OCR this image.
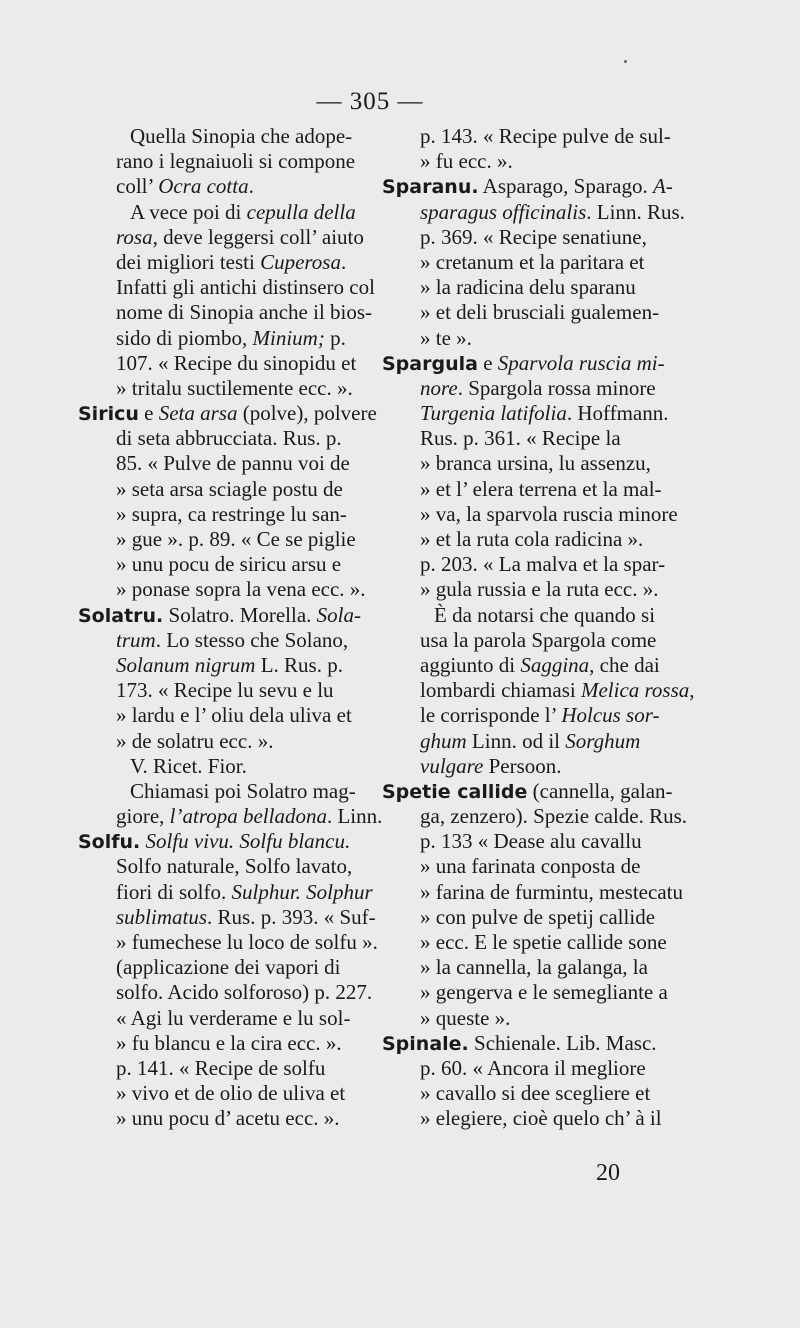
— 305 —
Quella Sinopia che adope-
rano i legnaiuoli si compone
coll’ Ocra cotta.
A vece poi di cepulla della
rosa, deve leggersi coll’ aiuto
dei migliori testi Cuperosa.
Infatti gli antichi distinsero col
nome di Sinopia anche il bios-
sido di piombo, Minium; p.
107. « Recipe du sinopidu et
» tritalu suctilemente ecc. ».
Siricu e Seta arsa (polve), polvere
di seta abbrucciata. Rus. p.
85. « Pulve de pannu voi de
» seta arsa sciagle postu de
» supra, ca restringe lu san-
» gue ». p. 89. « Ce se piglie
» unu pocu de siricu arsu e
» ponase sopra la vena ecc. ».
Solatru. Solatro. Morella. Sola-
trum. Lo stesso che Solano,
Solanum nigrum L. Rus. p.
173. « Recipe lu sevu e lu
» lardu e l’ oliu dela uliva et
» de solatru ecc. ».
V. Ricet. Fior.
Chiamasi poi Solatro mag-
giore, l’atropa belladona. Linn.
Solfu. Solfu vivu. Solfu blancu.
Solfo naturale, Solfo lavato,
fiori di solfo. Sulphur. Solphur
sublimatus. Rus. p. 393. « Suf-
» fumechese lu loco de solfu ».
(applicazione dei vapori di
solfo. Acido solforoso) p. 227.
« Agi lu verderame e lu sol-
» fu blancu e la cira ecc. ».
p. 141. « Recipe de solfu
» vivo et de olio de uliva et
» unu pocu d’ acetu ecc. ».
p. 143. « Recipe pulve de sul-
» fu ecc. ».
Sparanu. Asparago, Sparago. A-
sparagus officinalis. Linn. Rus.
p. 369. « Recipe senatiune,
» cretanum et la paritara et
» la radicina delu sparanu
» et deli brusciali gualemen-
» te ».
Spargula e Sparvola ruscia mi-
nore. Spargola rossa minore
Turgenia latifolia. Hoffmann.
Rus. p. 361. « Recipe la
» branca ursina, lu assenzu,
» et l’ elera terrena et la mal-
» va, la sparvola ruscia minore
» et la ruta cola radicina ».
p. 203. « La malva et la spar-
» gula russia e la ruta ecc. ».
È da notarsi che quando si
usa la parola Spargola come
aggiunto di Saggina, che dai
lombardi chiamasi Melica rossa,
le corrisponde l’ Holcus sor-
ghum Linn. od il Sorghum
vulgare Persoon.
Spetie callide (cannella, galan-
ga, zenzero). Spezie calde. Rus.
p. 133 « Dease alu cavallu
» una farinata conposta de
» farina de furmintu, mestecatu
» con pulve de spetij callide
» ecc. E le spetie callide sone
» la cannella, la galanga, la
» gengerva e le semegliante a
» queste ».
Spinale. Schienale. Lib. Masc.
p. 60. « Ancora il megliore
» cavallo si dee scegliere et
» elegiere, cioè quelo ch’ à il
20
